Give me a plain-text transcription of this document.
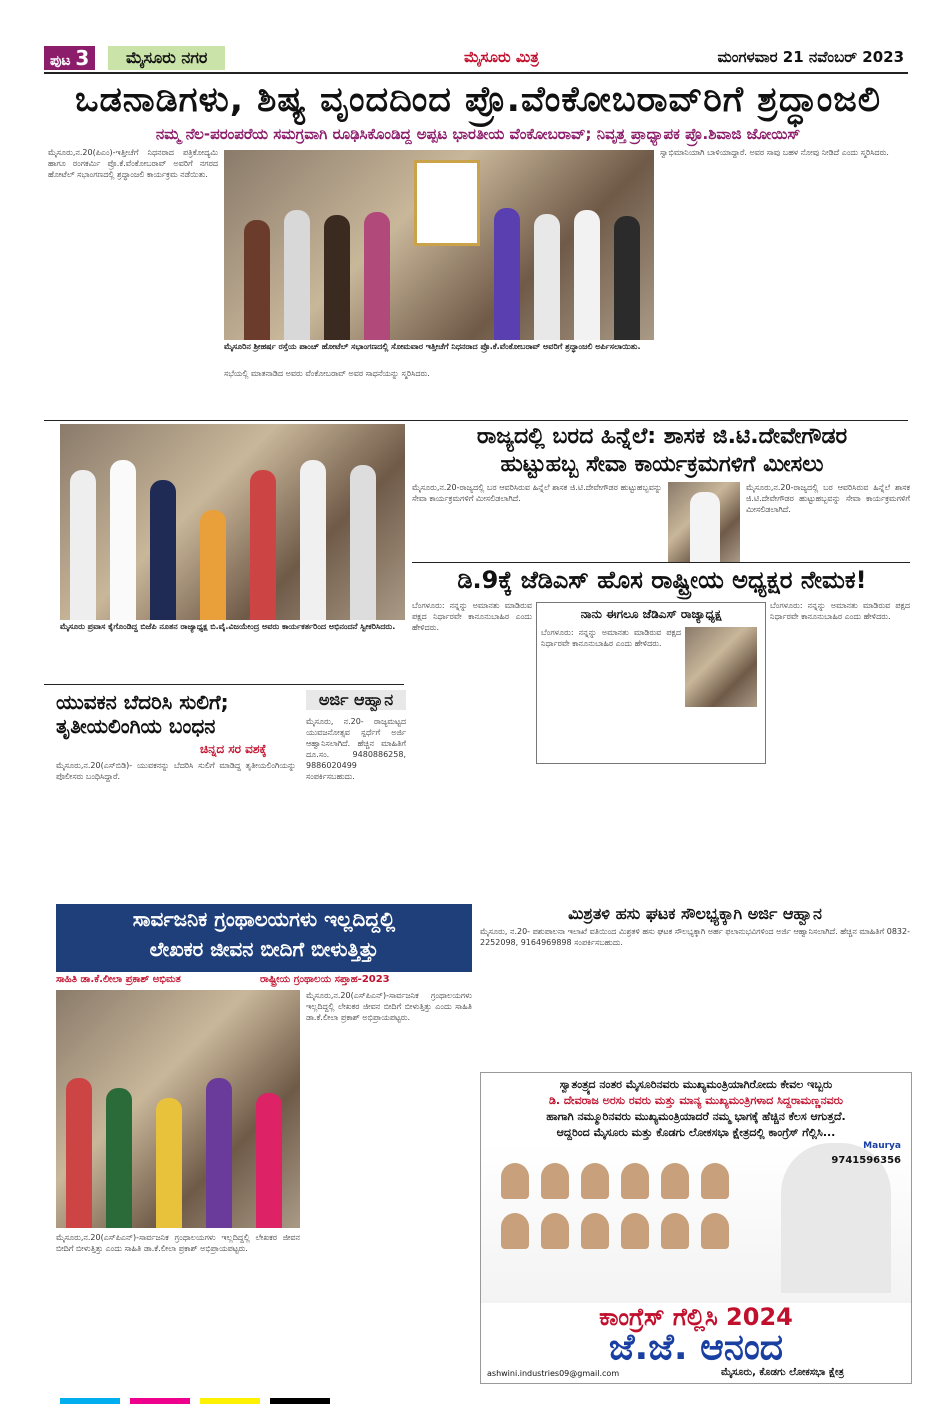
ಪುಟ 3	ಮೈಸೂರು ನಗರ	ಮೈಸೂರು ಮಿತ್ರ	ಮಂಗಳವಾರ 21 ನವೆಂಬರ್ 2023
ಒಡನಾಡಿಗಳು, ಶಿಷ್ಯ ವೃಂದದಿಂದ ಪ್ರೊ.ವೆಂಕೋಬರಾವ್‌ರಿಗೆ ಶ್ರದ್ಧಾಂಜಲಿ
ನಮ್ಮ ನೆಲ-ಪರಂಪರೆಯ ಸಮಗ್ರವಾಗಿ ರೂಢಿಸಿಕೊಂಡಿದ್ದ ಅಪ್ಪಟ ಭಾರತೀಯ ವೆಂಕೋಬರಾವ್; ನಿವೃತ್ತ ಪ್ರಾಧ್ಯಾಪಕ ಪ್ರೊ.ಶಿವಾಜಿ ಜೋಯಿಸ್
ಮೈಸೂರು,ನ.20(ಪಿಎಂ)-ಇತ್ತೀಚೆಗೆ ನಿಧನರಾದ ಪತ್ರಿಕೋದ್ಯಮಿ ಹಾಗೂ ರಂಗಕರ್ಮಿ ಪ್ರೊ.ಕೆ.ವೆಂಕೋಬರಾವ್ ಅವರಿಗೆ ನಗರದ ಹೋಟೆಲ್ ಸಭಾಂಗಣದಲ್ಲಿ ಶ್ರದ್ಧಾಂಜಲಿ ಕಾರ್ಯಕ್ರಮ ನಡೆಯಿತು.
ಮೈಸೂರಿನ ಶ್ರೀಹರ್ಷ ರಸ್ತೆಯ ಪಾಂಚ್ ಹೋಟೆಲ್ ಸಭಾಂಗಣದಲ್ಲಿ ಸೋಮವಾರ ಇತ್ತೀಚೆಗೆ ನಿಧನರಾದ ಪ್ರೊ.ಕೆ.ವೆಂಕೋಬರಾವ್ ಅವರಿಗೆ ಶ್ರದ್ಧಾಂಜಲಿ ಅರ್ಪಿಸಲಾಯಿತು.
ಸ್ವಾಭಿಮಾನಿಯಾಗಿ ಬಾಳಿಯಾದ್ದಾರೆ. ಅವರ ಸಾವು ಬಹಳ ನೋವು ನೀಡಿದೆ ಎಂದು ಸ್ಮರಿಸಿದರು.
ಸಭೆಯಲ್ಲಿ ಮಾತನಾಡಿದ ಅವರು ವೆಂಕೋಬರಾವ್ ಅವರ ಸಾಧನೆಯನ್ನು ಸ್ಮರಿಸಿದರು.
ಮೈಸೂರು ಪ್ರವಾಸ ಕೈಗೊಂಡಿದ್ದ ಬಿಜೆಪಿ ನೂತನ ರಾಜ್ಯಾಧ್ಯಕ್ಷ ಬಿ.ವೈ.ವಿಜಯೇಂದ್ರ ಅವರು ಕಾರ್ಯಕರ್ತರಿಂದ ಅಭಿನಂದನೆ ಸ್ವೀಕರಿಸಿದರು.
ರಾಜ್ಯದಲ್ಲಿ ಬರದ ಹಿನ್ನೆಲೆ: ಶಾಸಕ ಜಿ.ಟಿ.ದೇವೇಗೌಡರ
ಹುಟ್ಟುಹಬ್ಬ ಸೇವಾ ಕಾರ್ಯಕ್ರಮಗಳಿಗೆ ಮೀಸಲು
ಮೈಸೂರು,ನ.20-ರಾಜ್ಯದಲ್ಲಿ ಬರ ಆವರಿಸಿರುವ ಹಿನ್ನೆಲೆ ಶಾಸಕ ಜಿ.ಟಿ.ದೇವೇಗೌಡರ ಹುಟ್ಟುಹಬ್ಬವನ್ನು ಸೇವಾ ಕಾರ್ಯಕ್ರಮಗಳಿಗೆ ಮೀಸಲಿಡಲಾಗಿದೆ.
ಮೈಸೂರು,ನ.20-ರಾಜ್ಯದಲ್ಲಿ ಬರ ಆವರಿಸಿರುವ ಹಿನ್ನೆಲೆ ಶಾಸಕ ಜಿ.ಟಿ.ದೇವೇಗೌಡರ ಹುಟ್ಟುಹಬ್ಬವನ್ನು ಸೇವಾ ಕಾರ್ಯಕ್ರಮಗಳಿಗೆ ಮೀಸಲಿಡಲಾಗಿದೆ.
ಡಿ.9ಕ್ಕೆ ಜೆಡಿಎಸ್ ಹೊಸ ರಾಷ್ಟ್ರೀಯ ಅಧ್ಯಕ್ಷರ ನೇಮಕ!
ಬೆಂಗಳೂರು: ನನ್ನನ್ನು ಅಮಾನತು ಮಾಡಿರುವ ಪಕ್ಷದ ನಿರ್ಧಾರವೇ ಕಾನೂನುಬಾಹಿರ ಎಂದು ಹೇಳಿದರು.
ನಾನು ಈಗಲೂ ಜೆಡಿಎಸ್ ರಾಜ್ಯಾಧ್ಯಕ್ಷ
ಬೆಂಗಳೂರು: ನನ್ನನ್ನು ಅಮಾನತು ಮಾಡಿರುವ ಪಕ್ಷದ ನಿರ್ಧಾರವೇ ಕಾನೂನುಬಾಹಿರ ಎಂದು ಹೇಳಿದರು.
ಬೆಂಗಳೂರು: ನನ್ನನ್ನು ಅಮಾನತು ಮಾಡಿರುವ ಪಕ್ಷದ ನಿರ್ಧಾರವೇ ಕಾನೂನುಬಾಹಿರ ಎಂದು ಹೇಳಿದರು.
ಯುವಕನ ಬೆದರಿಸಿ ಸುಲಿಗೆ;
ತೃತೀಯಲಿಂಗಿಯ ಬಂಧನ
ಚಿನ್ನದ ಸರ ವಶಕ್ಕೆ
ಮೈಸೂರು,ನ.20(ಎಸ್‌ಬಿಡಿ)- ಯುವಕನನ್ನು ಬೆದರಿಸಿ ಸುಲಿಗೆ ಮಾಡಿದ್ದ ತೃತೀಯಲಿಂಗಿಯನ್ನು ಪೊಲೀಸರು ಬಂಧಿಸಿದ್ದಾರೆ.
ಅರ್ಜಿ ಆಹ್ವಾನ
ಮೈಸೂರು, ನ.20- ರಾಜ್ಯಮಟ್ಟದ ಯುವಜನೋತ್ಸವ ಸ್ಪರ್ಧೆಗೆ ಅರ್ಜಿ ಆಹ್ವಾನಿಸಲಾಗಿದೆ. ಹೆಚ್ಚಿನ ಮಾಹಿತಿಗೆ ದೂ.ಸಂ. 9480886258, 9886020499 ಸಂಪರ್ಕಿಸಬಹುದು.
ಸಾರ್ವಜನಿಕ ಗ್ರಂಥಾಲಯಗಳು ಇಲ್ಲದಿದ್ದಲ್ಲಿ
ಲೇಖಕರ ಜೀವನ ಬೀದಿಗೆ ಬೀಳುತ್ತಿತ್ತು
ಸಾಹಿತಿ ಡಾ.ಕೆ.ಲೀಲಾ ಪ್ರಕಾಶ್ ಅಭಿಮತ	ರಾಷ್ಟ್ರೀಯ ಗ್ರಂಥಾಲಯ ಸಪ್ತಾಹ-2023
ಮೈಸೂರು,ನ.20(ಎಸ್‌ಪಿಎನ್)-ಸಾರ್ವಜನಿಕ ಗ್ರಂಥಾಲಯಗಳು ಇಲ್ಲದಿದ್ದಲ್ಲಿ ಲೇಖಕರ ಜೀವನ ಬೀದಿಗೆ ಬೀಳುತ್ತಿತ್ತು ಎಂದು ಸಾಹಿತಿ ಡಾ.ಕೆ.ಲೀಲಾ ಪ್ರಕಾಶ್ ಅಭಿಪ್ರಾಯಪಟ್ಟರು.
ಮೈಸೂರು,ನ.20(ಎಸ್‌ಪಿಎನ್)-ಸಾರ್ವಜನಿಕ ಗ್ರಂಥಾಲಯಗಳು ಇಲ್ಲದಿದ್ದಲ್ಲಿ ಲೇಖಕರ ಜೀವನ ಬೀದಿಗೆ ಬೀಳುತ್ತಿತ್ತು ಎಂದು ಸಾಹಿತಿ ಡಾ.ಕೆ.ಲೀಲಾ ಪ್ರಕಾಶ್ ಅಭಿಪ್ರಾಯಪಟ್ಟರು.
ಮಿಶ್ರತಳಿ ಹಸು ಘಟಕ ಸೌಲಭ್ಯಕ್ಕಾಗಿ ಅರ್ಜಿ ಆಹ್ವಾನ
ಮೈಸೂರು, ನ.20- ಪಶುಪಾಲನಾ ಇಲಾಖೆ ವತಿಯಿಂದ ಮಿಶ್ರತಳಿ ಹಸು ಘಟಕ ಸೌಲಭ್ಯಕ್ಕಾಗಿ ಅರ್ಹ ಫಲಾನುಭವಿಗಳಿಂದ ಅರ್ಜಿ ಆಹ್ವಾನಿಸಲಾಗಿದೆ. ಹೆಚ್ಚಿನ ಮಾಹಿತಿಗೆ 0832-2252098, 9164969898 ಸಂಪರ್ಕಿಸಬಹುದು.
ಸ್ವಾತಂತ್ರ್ಯದ ನಂತರ ಮೈಸೂರಿನವರು ಮುಖ್ಯಮಂತ್ರಿಯಾಗಿರೋದು ಕೇವಲ ಇಬ್ಬರು
ಡಿ. ದೇವರಾಜ ಅರಸು ರವರು ಮತ್ತು ಮಾನ್ಯ ಮುಖ್ಯಮಂತ್ರಿಗಳಾದ ಸಿದ್ದರಾಮಣ್ಣನವರು
ಹಾಗಾಗಿ ನಮ್ಮೂರಿನವರು ಮುಖ್ಯಮಂತ್ರಿಯಾದರೆ ನಮ್ಮ ಭಾಗಕ್ಕೆ ಹೆಚ್ಚಿನ ಕೆಲಸ ಆಗುತ್ತದೆ.
ಆದ್ದರಿಂದ ಮೈಸೂರು ಮತ್ತು ಕೊಡಗು ಲೋಕಸಭಾ ಕ್ಷೇತ್ರದಲ್ಲಿ ಕಾಂಗ್ರೆಸ್ ಗೆಲ್ಲಿಸಿ...
Maurya
9741596356
ಕಾಂಗ್ರೆಸ್ ಗೆಲ್ಲಿಸಿ 2024
ಜೆ.ಜೆ. ಆನಂದ
ashwini.industries09@gmail.com	ಮೈಸೂರು, ಕೊಡಗು ಲೋಕಸಭಾ ಕ್ಷೇತ್ರ
